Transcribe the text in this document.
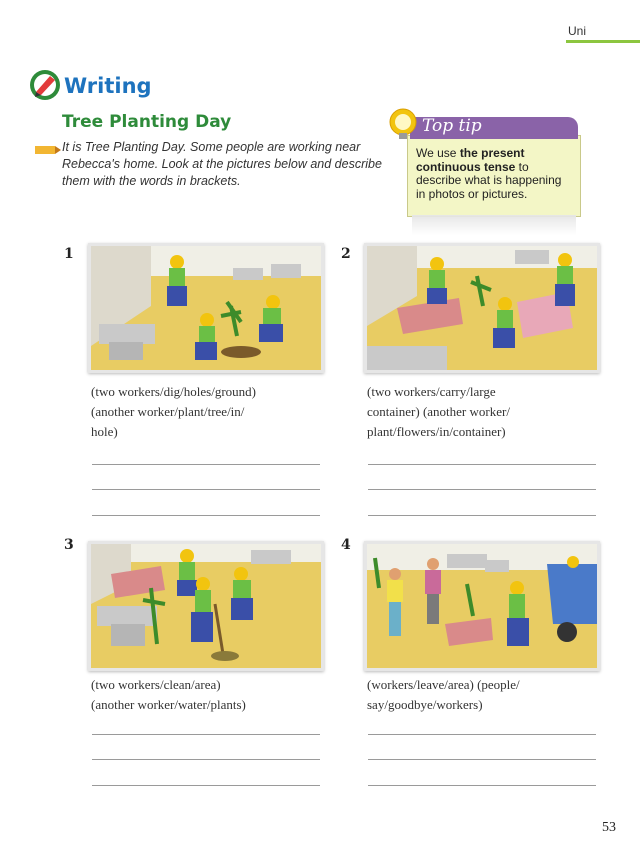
Uni
Writing
Tree Planting Day
It is Tree Planting Day. Some people are working near Rebecca's home. Look at the pictures below and describe them with the words in brackets.
Top tip
We use the present continuous tense to describe what is happening in photos or pictures.
1
(two workers/dig/holes/ground)
(another worker/plant/tree/in/
hole)
2
(two workers/carry/large
container) (another worker/
plant/flowers/in/container)
3
(two workers/clean/area)
(another worker/water/plants)
4
(workers/leave/area) (people/
say/goodbye/workers)
53
